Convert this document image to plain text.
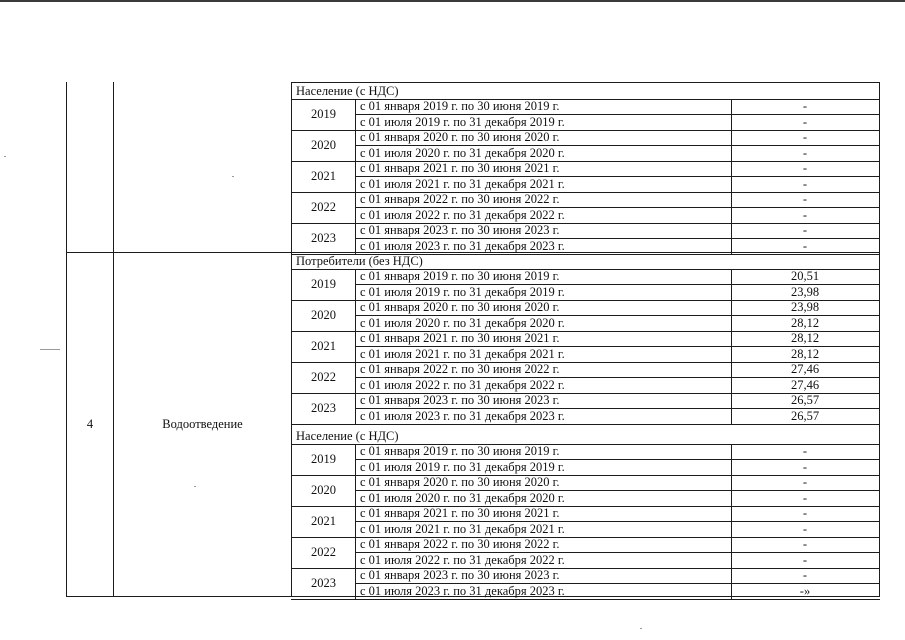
4	Водоотведение
Население (с НДС)
2019
с 01 января 2019 г. по 30 июня 2019 г.	-
с 01 июля 2019 г. по 31 декабря 2019 г.	-
2020
с 01 января 2020 г. по 30 июня 2020 г.	-
с 01 июля 2020 г. по 31 декабря 2020 г.	-
2021
с 01 января 2021 г. по 30 июня 2021 г.	-
с 01 июля 2021 г. по 31 декабря 2021 г.	-
2022
с 01 января 2022 г. по 30 июня 2022 г.	-
с 01 июля 2022 г. по 31 декабря 2022 г.	-
2023
с 01 января 2023 г. по 30 июня 2023 г.	-
с 01 июля 2023 г. по 31 декабря 2023 г.	-
Потребители (без НДС)
2019
с 01 января 2019 г. по 30 июня 2019 г.	20,51
с 01 июля 2019 г. по 31 декабря 2019 г.	23,98
2020
с 01 января 2020 г. по 30 июня 2020 г.	23,98
с 01 июля 2020 г. по 31 декабря 2020 г.	28,12
2021
с 01 января 2021 г. по 30 июня 2021 г.	28,12
с 01 июля 2021 г. по 31 декабря 2021 г.	28,12
2022
с 01 января 2022 г. по 30 июня 2022 г.	27,46
с 01 июля 2022 г. по 31 декабря 2022 г.	27,46
2023
с 01 января 2023 г. по 30 июня 2023 г.	26,57
с 01 июля 2023 г. по 31 декабря 2023 г.	26,57
Население (с НДС)
2019
с 01 января 2019 г. по 30 июня 2019 г.	-
с 01 июля 2019 г. по 31 декабря 2019 г.	-
2020
с 01 января 2020 г. по 30 июня 2020 г.	-
с 01 июля 2020 г. по 31 декабря 2020 г.	-
2021
с 01 января 2021 г. по 30 июня 2021 г.	-
с 01 июля 2021 г. по 31 декабря 2021 г.	-
2022
с 01 января 2022 г. по 30 июня 2022 г.	-
с 01 июля 2022 г. по 31 декабря 2022 г.	-
2023
с 01 января 2023 г. по 30 июня 2023 г.	-
с 01 июля 2023 г. по 31 декабря 2023 г.	-»
